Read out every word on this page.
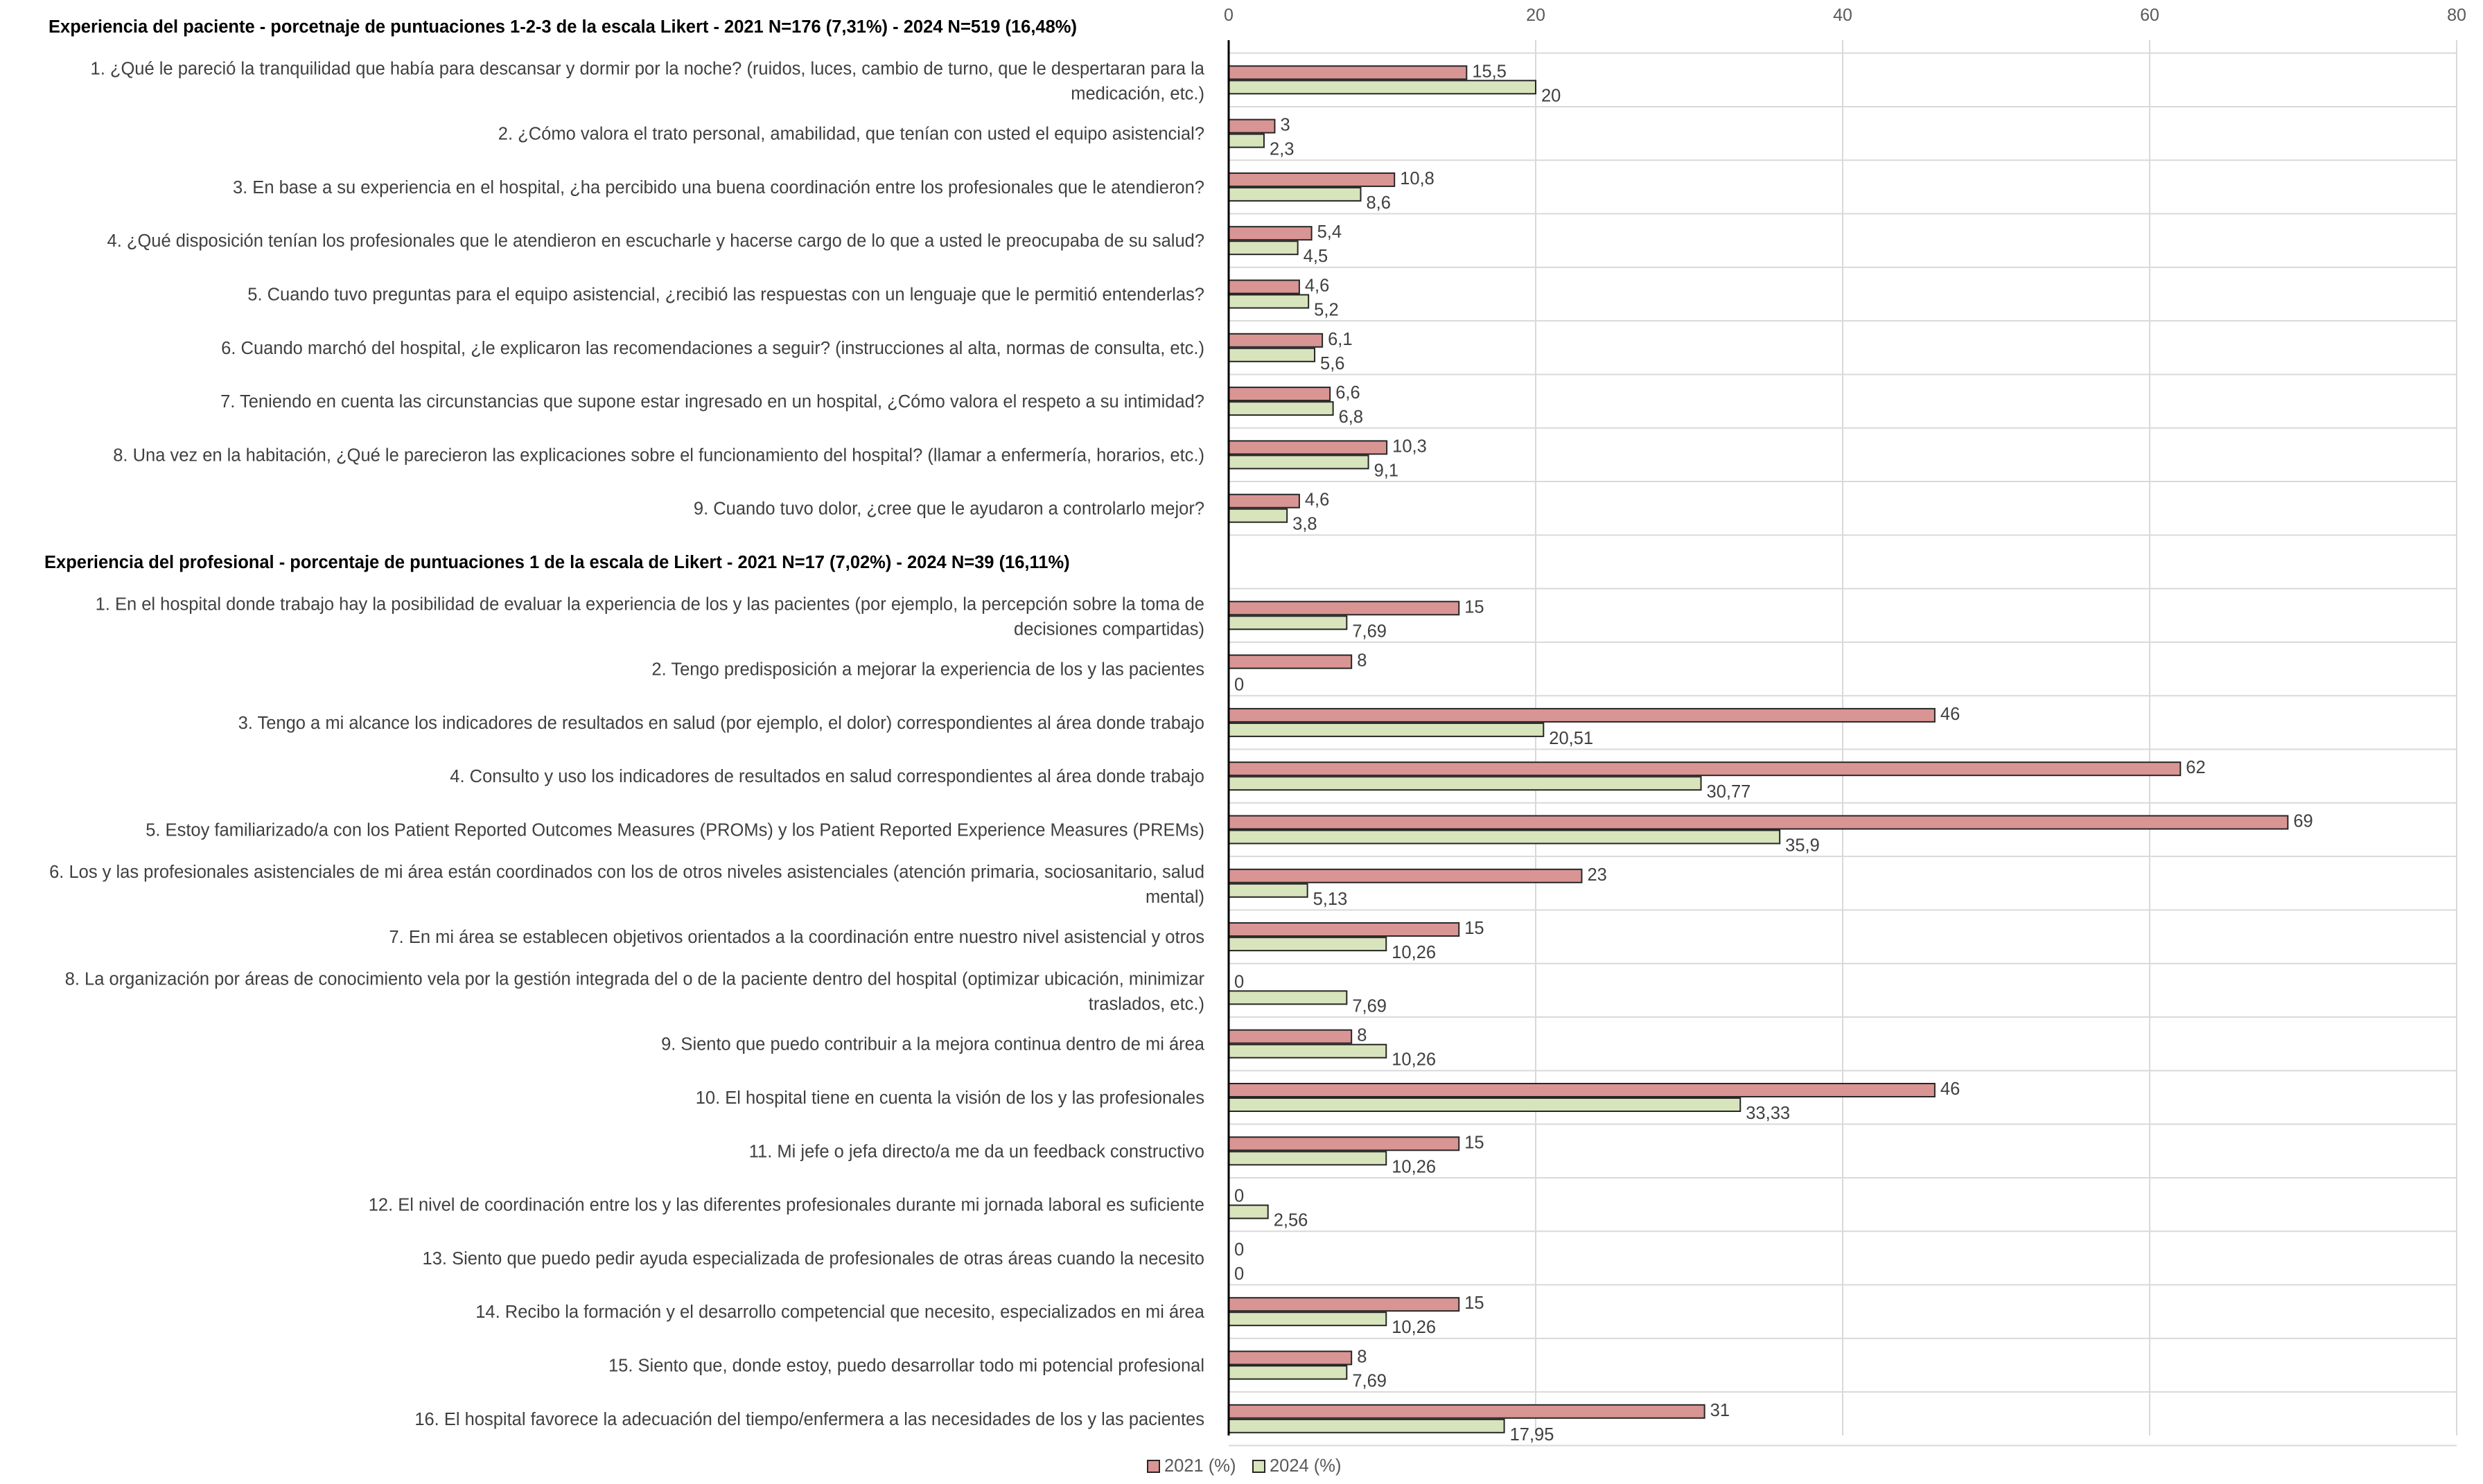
0	20	40	60	80
Experiencia del paciente - porcetnaje de puntuaciones 1-2-3 de la escala Likert - 2021 N=176 (7,31%) - 2024 N=519 (16,48%)
1. ¿Qué le pareció la tranquilidad que había para descansar y dormir por la noche? (ruidos, luces, cambio de turno, que le despertaran para la
medicación, etc.)
15,5
20
2. ¿Cómo valora el trato personal, amabilidad, que tenían con usted el equipo asistencial?	3
2,3
3. En base a su experiencia en el hospital, ¿ha percibido una buena coordinación entre los profesionales que le atendieron?	10,8
8,6
4. ¿Qué disposición tenían los profesionales que le atendieron en escucharle y hacerse cargo de lo que a usted le preocupaba de su salud?	5,4
4,5
5. Cuando tuvo preguntas para el equipo asistencial, ¿recibió las respuestas con un lenguaje que le permitió entenderlas?	4,6
5,2
6. Cuando marchó del hospital, ¿le explicaron las recomendaciones a seguir? (instrucciones al alta, normas de consulta, etc.)	6,1
5,6
7. Teniendo en cuenta las circunstancias que supone estar ingresado en un hospital, ¿Cómo valora el respeto a su intimidad?	6,6
6,8
8. Una vez en la habitación, ¿Qué le parecieron las explicaciones sobre el funcionamiento del hospital? (llamar a enfermería, horarios, etc.)	10,3
9,1
9. Cuando tuvo dolor, ¿cree que le ayudaron a controlarlo mejor?	4,6
3,8
Experiencia del profesional - porcentaje de puntuaciones 1 de la escala de Likert - 2021 N=17 (7,02%) - 2024 N=39 (16,11%)
1. En el hospital donde trabajo hay la posibilidad de evaluar la experiencia de los y las pacientes (por ejemplo, la percepción sobre la toma de
decisiones compartidas)
15
7,69
2. Tengo predisposición a mejorar la experiencia de los y las pacientes	8
0
3. Tengo a mi alcance los indicadores de resultados en salud (por ejemplo, el dolor) correspondientes al área donde trabajo	46
20,51
4. Consulto y uso los indicadores de resultados en salud correspondientes al área donde trabajo	62
30,77
5. Estoy familiarizado/a con los Patient Reported Outcomes Measures (PROMs) y los Patient Reported Experience Measures (PREMs)	69
35,9
6. Los y las profesionales asistenciales de mi área están coordinados con los de otros niveles asistenciales (atención primaria, sociosanitario, salud
mental)
23
5,13
7. En mi área se establecen objetivos orientados a la coordinación entre nuestro nivel asistencial y otros	15
10,26
8. La organización por áreas de conocimiento vela por la gestión integrada del o de la paciente dentro del hospital (optimizar ubicación, minimizar
traslados, etc.)
0
7,69
9. Siento que puedo contribuir a la mejora continua dentro de mi área	8
10,26
10. El hospital tiene en cuenta la visión de los y las profesionales	46
33,33
11. Mi jefe o jefa directo/a me da un feedback constructivo	15
10,26
12. El nivel de coordinación entre los y las diferentes profesionales durante mi jornada laboral es suficiente 0
2,56
13. Siento que puedo pedir ayuda especializada de profesionales de otras áreas cuando la necesito 0
0
14. Recibo la formación y el desarrollo competencial que necesito, especializados en mi área	15
10,26
15. Siento que, donde estoy, puedo desarrollar todo mi potencial profesional	8
7,69
16. El hospital favorece la adecuación del tiempo/enfermera a las necesidades de los y las pacientes	31
17,95
2021 (%) 2024 (%)
